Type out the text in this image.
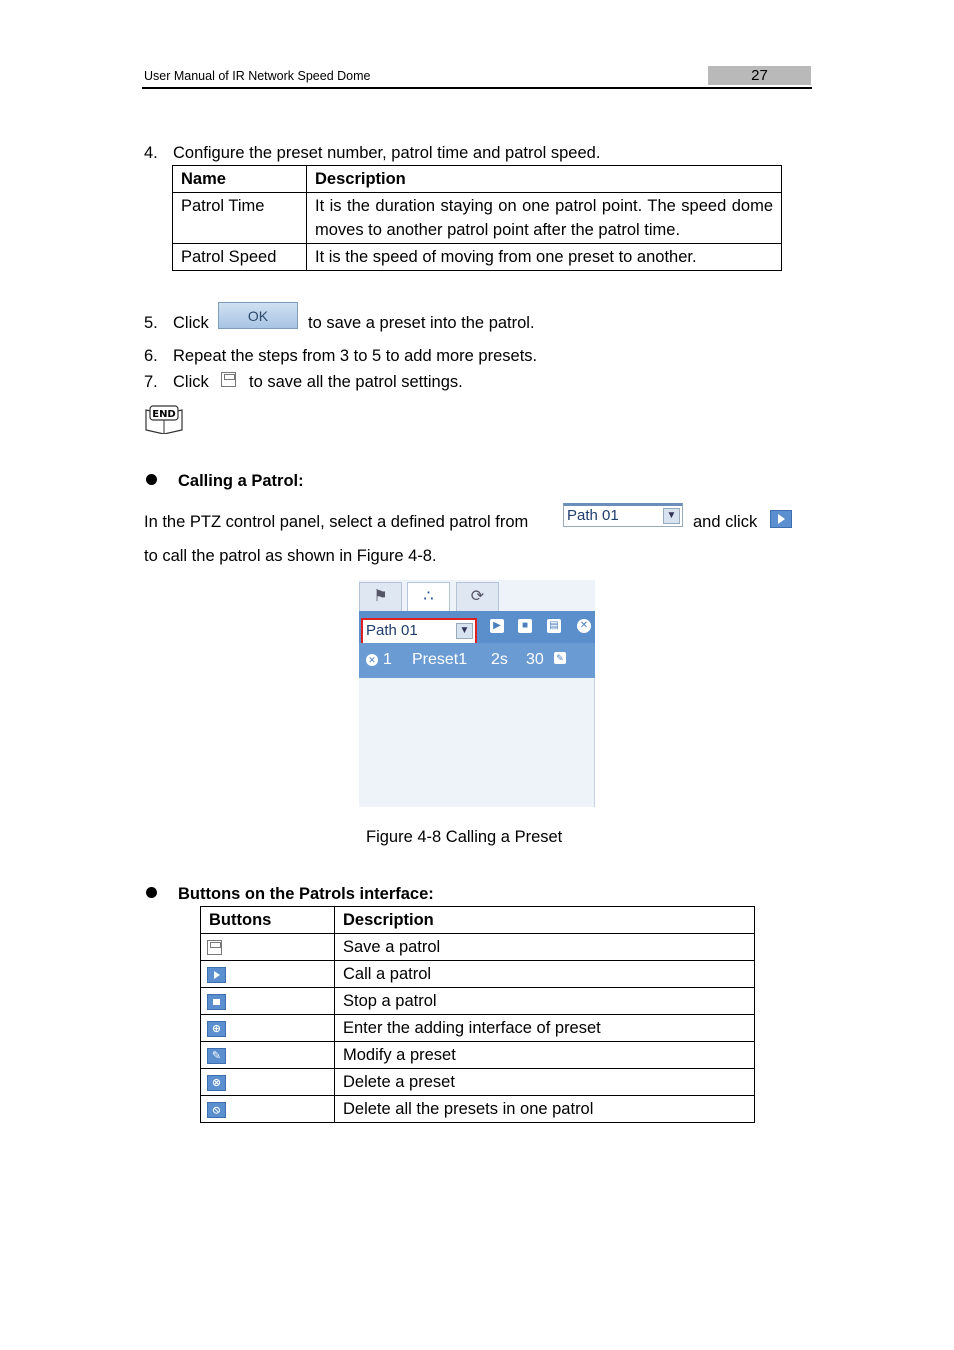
User Manual of IR Network Speed Dome	27
4. Configure the preset number, patrol time and patrol speed.
Name	Description
Patrol Time	It is the duration staying on one patrol point. The speed dome moves to another patrol point after the patrol time.
Patrol Speed	It is the speed of moving from one preset to another.
5. Click	OK	to save a preset into the patrol.
6. Repeat the steps from 3 to 5 to add more presets.
7. Click to save all the patrol settings.
END
Calling a Patrol:
In the PTZ control panel, select a defined patrol from	Path 01	▼ and click
to call the patrol as shown in Figure 4-8.
⚑	∴	⟳
▶	■	▤ ✕
Path 01	▼
✕ 1 Preset1 2s 30 ✎
Figure 4-8 Calling a Preset
Buttons on the Patrols interface:
Buttons	Description
	Save a patrol
	Call a patrol
	Stop a patrol
⊕	Enter the adding interface of preset
✎	Modify a preset
⊗	Delete a preset
⦸	Delete all the presets in one patrol
